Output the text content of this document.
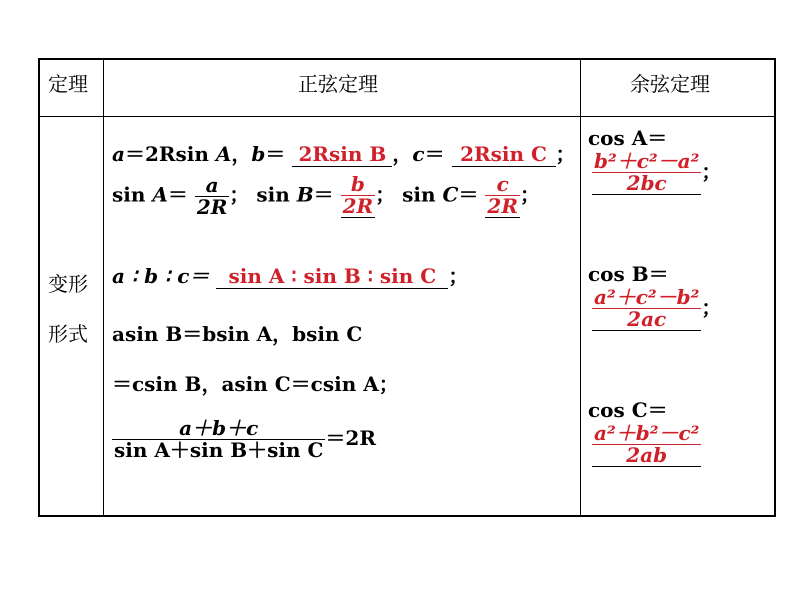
定理	正弦定理	余弦定理
变形
形式
a＝2Rsin A，b＝ 2Rsin B ，c＝ 2Rsin C ；
$\sin A= \frac{a}{2R}$ ； $\sin B= \frac{b}{2R}$ ； $\sin C= \frac{c}{2R}$ ；
a ∶ b ∶ c＝ sin A ∶ sin B ∶ sin C ；
asin B＝bsin A，bsin C
＝csin B，asin C＝csin A；
$\frac{a+b+c}{\text{sin A＋sin B＋sin C}} =2R$
cos A＝
$\frac{\text{b²＋c²－a²}}{2bc}$ ；
cos B＝
$\frac{\text{a²＋c²－b²}}{2ac}$ ；
cos C＝
$\frac{\text{a²＋b²－c²}}{2ab}$
